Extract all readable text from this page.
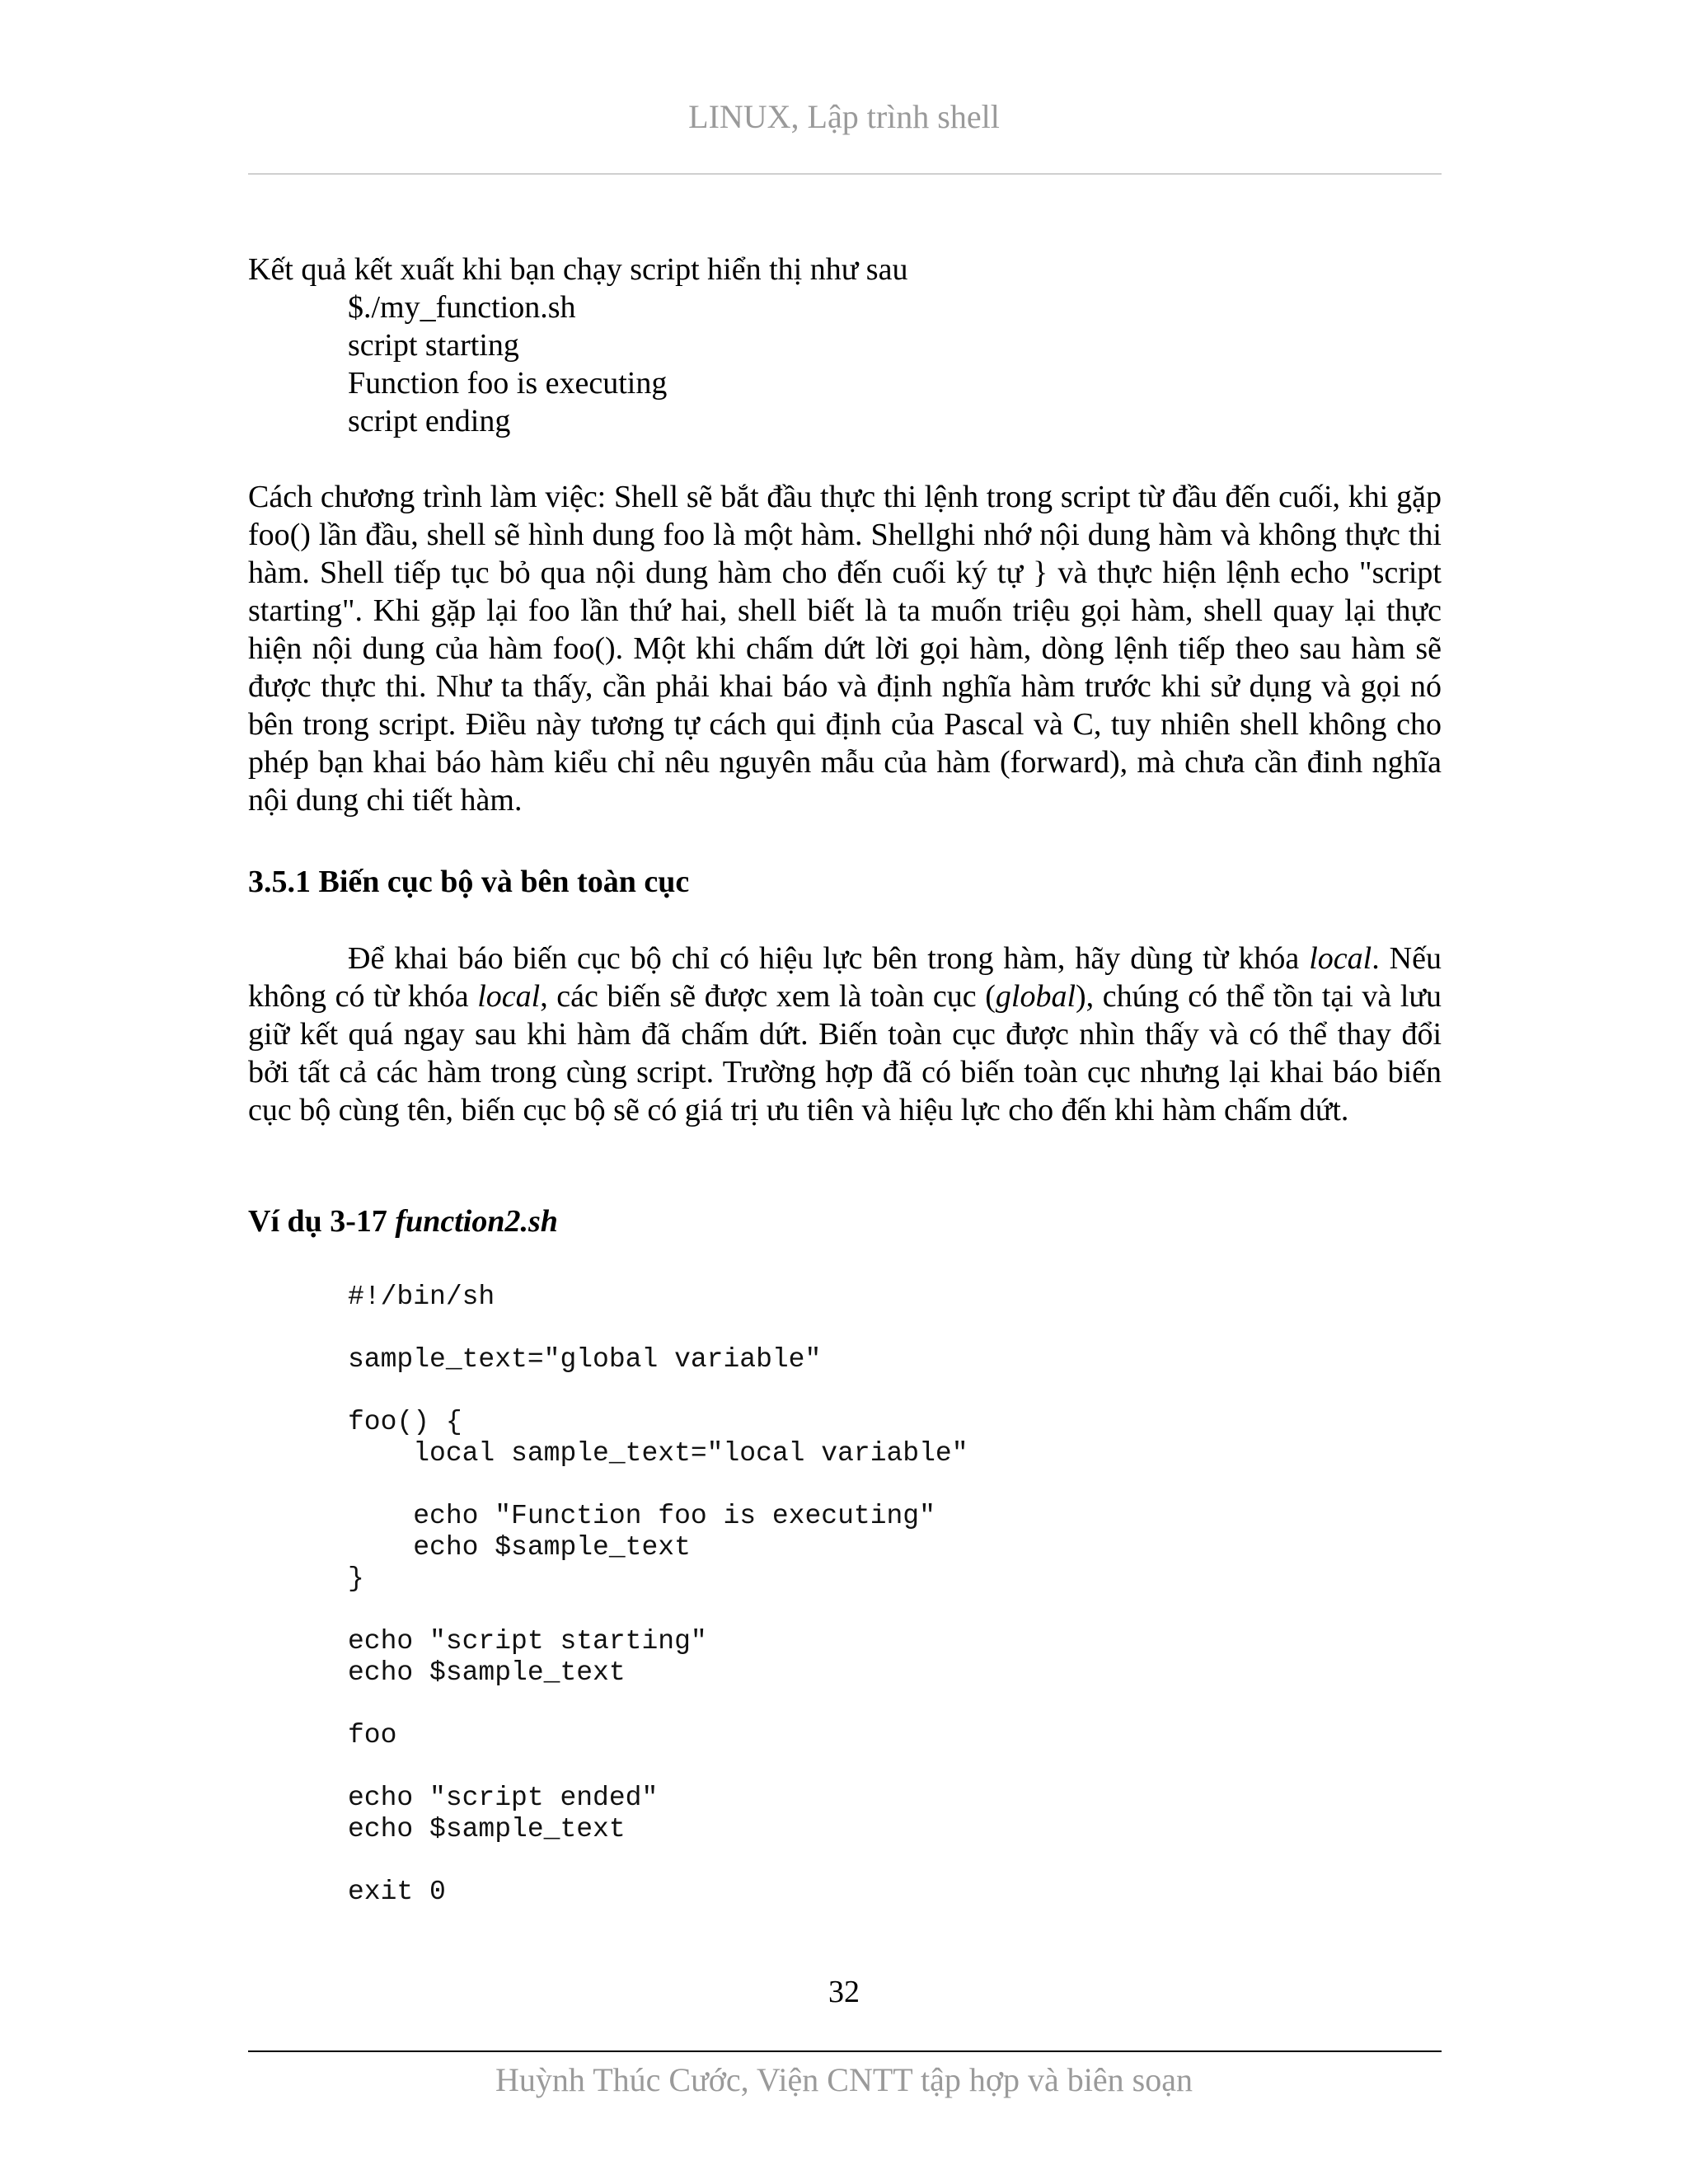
LINUX, Lập trình shell
Kết quả kết xuất khi bạn chạy script hiển thị như sau
$./my_function.sh
script starting
Function foo is executing
script ending
Cách chương trình làm việc: Shell sẽ bắt đầu thực thi lệnh trong script từ đầu đến cuối, khi gặp foo() lần đầu, shell sẽ hình dung foo là một hàm. Shellghi nhớ nội dung hàm và không thực thi hàm. Shell tiếp tục bỏ qua nội dung hàm cho đến cuối ký tự } và thực hiện lệnh echo "script starting". Khi gặp lại foo lần thứ hai, shell biết là ta muốn triệu gọi hàm, shell quay lại thực hiện nội dung của hàm foo(). Một khi chấm dứt lời gọi hàm, dòng lệnh tiếp theo sau hàm sẽ được thực thi. Như ta thấy, cần phải khai báo và định nghĩa hàm trước khi sử dụng và gọi nó bên trong script. Điều này tương tự cách qui định của Pascal và C, tuy nhiên shell không cho phép bạn khai báo hàm kiểu chỉ nêu nguyên mẫu của hàm (forward), mà chưa cần đinh nghĩa nội dung chi tiết hàm.
3.5.1 Biến cục bộ và bên toàn cục
Để khai báo biến cục bộ chỉ có hiệu lực bên trong hàm, hãy dùng từ khóa local. Nếu không có từ khóa local, các biến sẽ được xem là toàn cục (global), chúng có thể tồn tại và lưu giữ kết quá ngay sau khi hàm đã chấm dứt. Biến toàn cục được nhìn thấy và có thể thay đổi bởi tất cả các hàm trong cùng script. Trường hợp đã có biến toàn cục nhưng lại khai báo biến cục bộ cùng tên, biến cục bộ sẽ có giá trị ưu tiên và hiệu lực cho đến khi hàm chấm dứt.
Ví dụ 3-17 function2.sh
#!/bin/sh
sample_text="global variable"
foo() {
local sample_text="local variable"
echo "Function foo is executing"
echo $sample_text
}
echo "script starting"
echo $sample_text
foo
echo "script ended"
echo $sample_text
exit 0
32
Huỳnh Thúc Cước, Viện CNTT tập hợp và biên soạn
